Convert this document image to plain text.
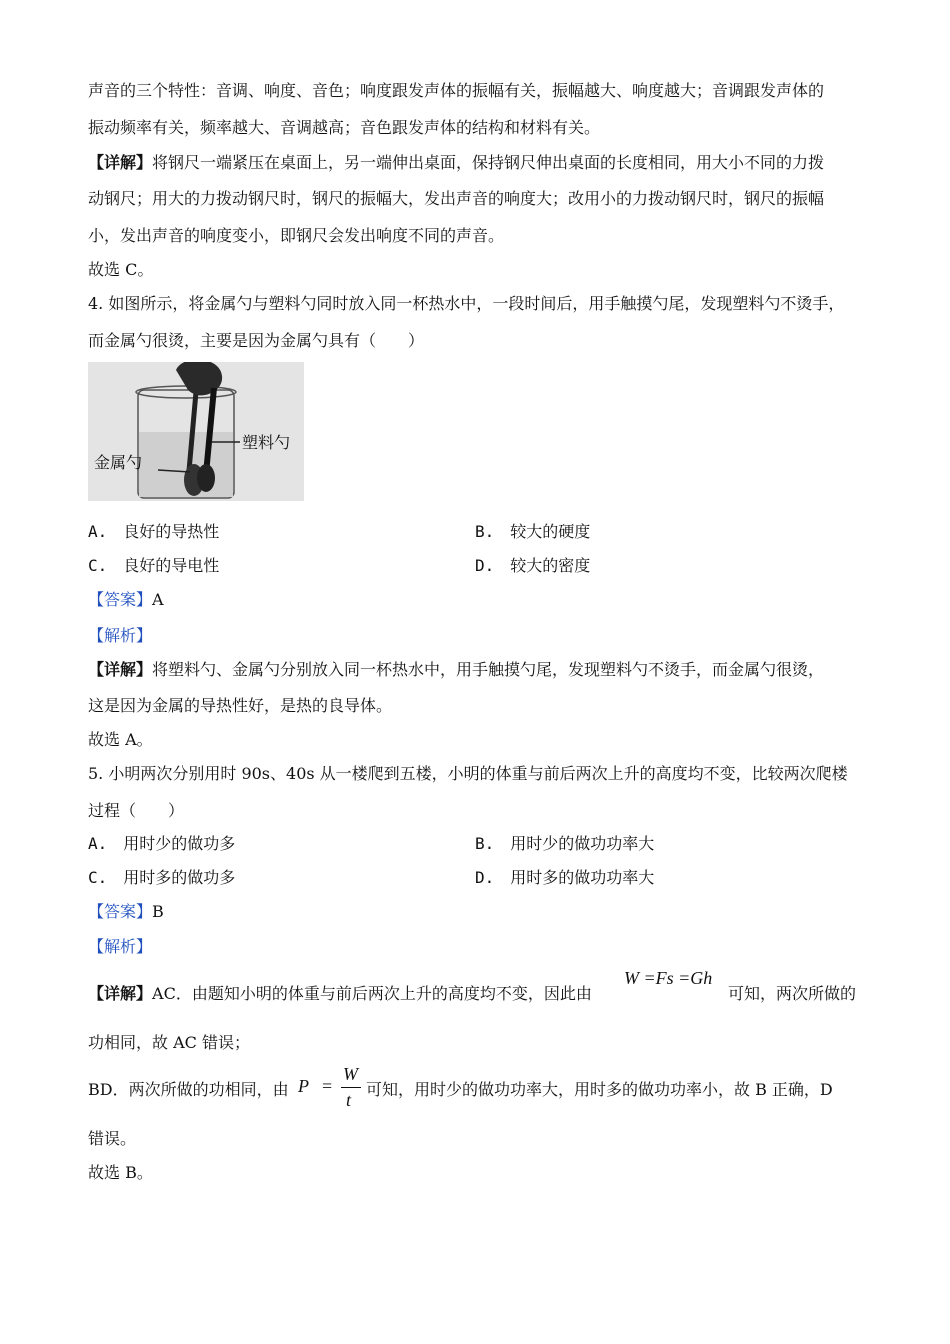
声音的三个特性：音调、响度、音色；响度跟发声体的振幅有关，振幅越大、响度越大；音调跟发声体的
振动频率有关，频率越大、音调越高；音色跟发声体的结构和材料有关。
【详解】将钢尺一端紧压在桌面上，另一端伸出桌面，保持钢尺伸出桌面的长度相同，用大小不同的力拨
动钢尺；用大的力拨动钢尺时，钢尺的振幅大，发出声音的响度大；改用小的力拨动钢尺时，钢尺的振幅
小，发出声音的响度变小，即钢尺会发出响度不同的声音。
故选 C。
4. 如图所示，将金属勺与塑料勺同时放入同一杯热水中，一段时间后，用手触摸勺尾，发现塑料勺不烫手，
而金属勺很烫，主要是因为金属勺具有（　　）
金属勺
塑料勺
A.　良好的导热性	B.　较大的硬度
C.　良好的导电性	D.　较大的密度
【答案】A
【解析】
【详解】将塑料勺、金属勺分别放入同一杯热水中，用手触摸勺尾，发现塑料勺不烫手，而金属勺很烫，
这是因为金属的导热性好，是热的良导体。
故选 A。
5. 小明两次分别用时 90s、40s 从一楼爬到五楼，小明的体重与前后两次上升的高度均不变，比较两次爬楼
过程（　　）
A.　用时少的做功多	B.　用时少的做功功率大
C.　用时多的做功多	D.　用时多的做功功率大
【答案】B
【解析】
【详解】AC．由题知小明的体重与前后两次上升的高度均不变，因此由
W =Fs =Gh
可知，两次所做的
功相同，故 AC 错误；
BD．两次所做的功相同，由 P =
W
t
可知，用时少的做功功率大，用时多的做功功率小，故 B 正确，D
错误。
故选 B。
